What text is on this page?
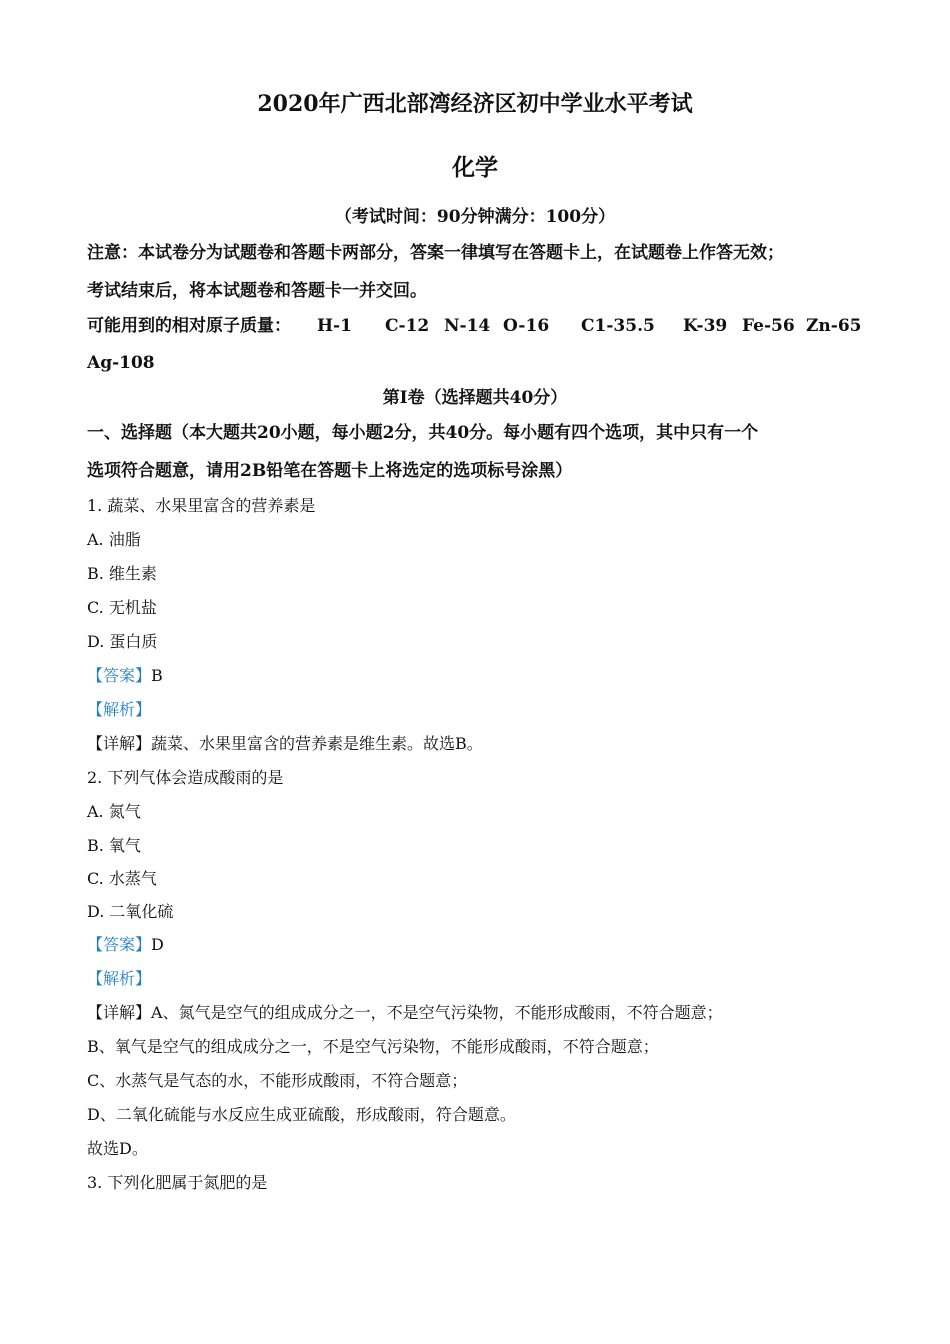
2020年广西北部湾经济区初中学业水平考试
化学
（考试时间：90分钟满分：100分）
注意：本试卷分为试题卷和答题卡两部分，答案一律填写在答题卡上，在试题卷上作答无效；
考试结束后，将本试题卷和答题卡一并交回。
可能用到的相对原子质量： H-1 C-12 N-14 O-16 C1-35.5 K-39 Fe-56 Zn-65
Ag-108
第I卷（选择题共40分）
一、选择题（本大题共20小题，每小题2分，共40分。每小题有四个选项，其中只有一个
选项符合题意，请用2B铅笔在答题卡上将选定的选项标号涂黑）
1. 蔬菜、水果里富含的营养素是
A. 油脂
B. 维生素
C. 无机盐
D. 蛋白质
【答案】B
【解析】
【详解】蔬菜、水果里富含的营养素是维生素。故选B。
2. 下列气体会造成酸雨的是
A. 氮气
B. 氧气
C. 水蒸气
D. 二氧化硫
【答案】D
【解析】
【详解】A、氮气是空气的组成成分之一，不是空气污染物，不能形成酸雨，不符合题意；
B、氧气是空气的组成成分之一，不是空气污染物，不能形成酸雨，不符合题意；
C、水蒸气是气态的水，不能形成酸雨，不符合题意；
D、二氧化硫能与水反应生成亚硫酸，形成酸雨，符合题意。
故选D。
3. 下列化肥属于氮肥的是
